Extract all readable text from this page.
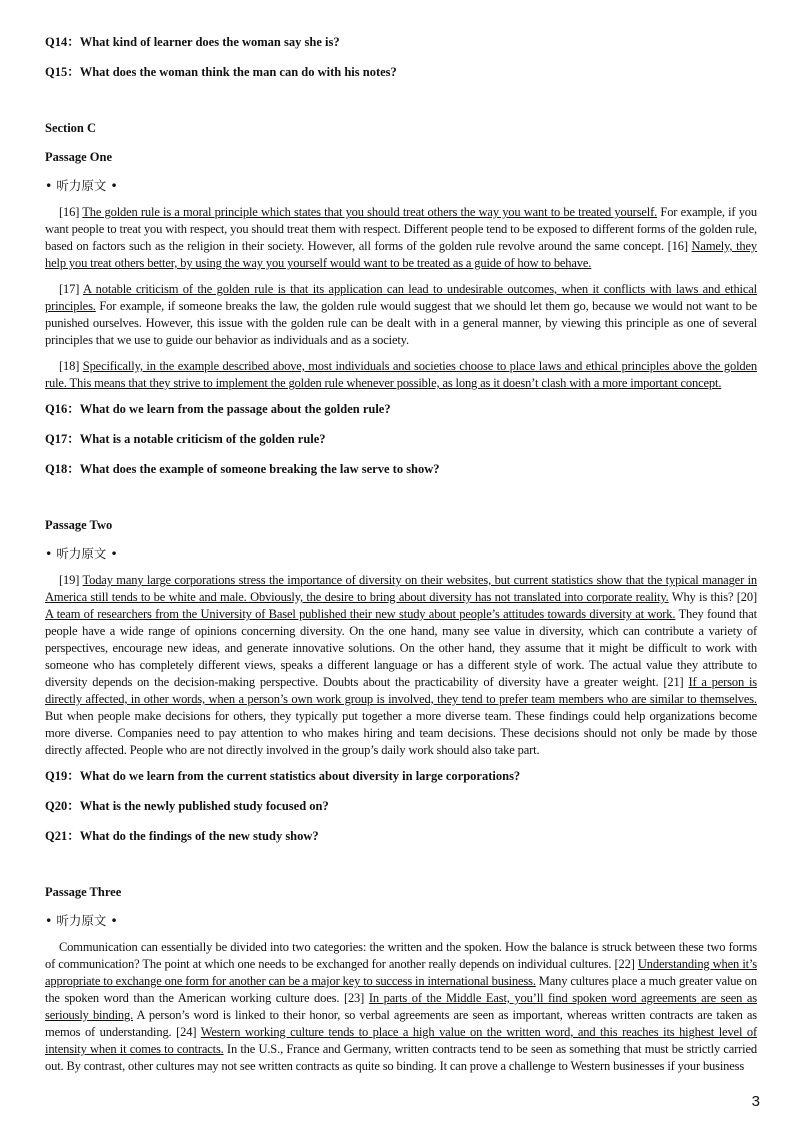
Q14：What kind of learner does the woman say she is?

Q15：What does the woman think the man can do with his notes?

Section C

Passage One

• 听力原文 •

[16] The golden rule is a moral principle which states that you should treat others the way you want to be treated yourself. For example, if you want people to treat you with respect, you should treat them with respect. Different people tend to be exposed to different forms of the golden rule, based on factors such as the religion in their society. However, all forms of the golden rule revolve around the same concept. [16] Namely, they help you treat others better, by using the way you yourself would want to be treated as a guide of how to behave.

[17] A notable criticism of the golden rule is that its application can lead to undesirable outcomes, when it conflicts with laws and ethical principles. For example, if someone breaks the law, the golden rule would suggest that we should let them go, because we would not want to be punished ourselves. However, this issue with the golden rule can be dealt with in a general manner, by viewing this principle as one of several principles that we use to guide our behavior as individuals and as a society.

[18] Specifically, in the example described above, most individuals and societies choose to place laws and ethical principles above the golden rule. This means that they strive to implement the golden rule whenever possible, as long as it doesn’t clash with a more important concept.

Q16：What do we learn from the passage about the golden rule?

Q17：What is a notable criticism of the golden rule?

Q18：What does the example of someone breaking the law serve to show?

Passage Two

• 听力原文 •

[19] Today many large corporations stress the importance of diversity on their websites, but current statistics show that the typical manager in America still tends to be white and male. Obviously, the desire to bring about diversity has not translated into corporate reality. Why is this? [20] A team of researchers from the University of Basel published their new study about people’s attitudes towards diversity at work. They found that people have a wide range of opinions concerning diversity. On the one hand, many see value in diversity, which can contribute a variety of perspectives, encourage new ideas, and generate innovative solutions. On the other hand, they assume that it might be difficult to work with someone who has completely different views, speaks a different language or has a different style of work. The actual value they attribute to diversity depends on the decision-making perspective. Doubts about the practicability of diversity have a greater weight. [21] If a person is directly affected, in other words, when a person’s own work group is involved, they tend to prefer team members who are similar to themselves. But when people make decisions for others, they typically put together a more diverse team. These findings could help organizations become more diverse. Companies need to pay attention to who makes hiring and team decisions. These decisions should not only be made by those directly affected. People who are not directly involved in the group’s daily work should also take part.

Q19：What do we learn from the current statistics about diversity in large corporations?

Q20：What is the newly published study focused on?

Q21：What do the findings of the new study show?

Passage Three

• 听力原文 •

Communication can essentially be divided into two categories: the written and the spoken. How the balance is struck between these two forms of communication? The point at which one needs to be exchanged for another really depends on individual cultures. [22] Understanding when it’s appropriate to exchange one form for another can be a major key to success in international business. Many cultures place a much greater value on the spoken word than the American working culture does. [23] In parts of the Middle East, you’ll find spoken word agreements are seen as seriously binding. A person’s word is linked to their honor, so verbal agreements are seen as important, whereas written contracts are taken as memos of understanding. [24] Western working culture tends to place a high value on the written word, and this reaches its highest level of intensity when it comes to contracts. In the U.S., France and Germany, written contracts tend to be seen as something that must be strictly carried out. By contrast, other cultures may not see written contracts as quite so binding. It can prove a challenge to Western businesses if your business

3
